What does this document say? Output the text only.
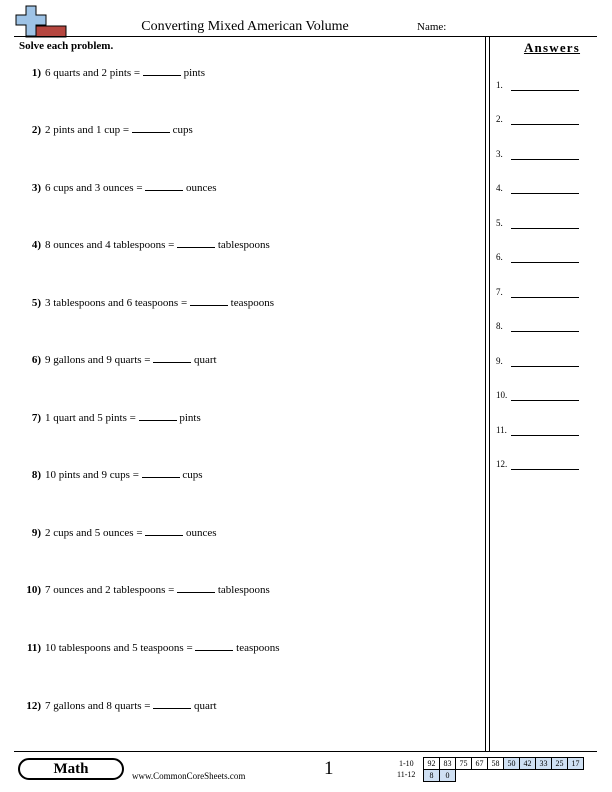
Converting Mixed American Volume	Name:
Solve each problem.
1) 6 quarts and 2 pints =	pints
2) 2 pints and 1 cup =	cups
3) 6 cups and 3 ounces =	ounces
4) 8 ounces and 4 tablespoons =	tablespoons
5) 3 tablespoons and 6 teaspoons =	teaspoons
6) 9 gallons and 9 quarts =	quart
7) 1 quart and 5 pints =	pints
8) 10 pints and 9 cups =	cups
9) 2 cups and 5 ounces =	ounces
10) 7 ounces and 2 tablespoons =	tablespoons
11) 10 tablespoons and 5 teaspoons =	teaspoons
12) 7 gallons and 8 quarts =	quart
Answers
1.
2.
3.
4.
5.
6.
7.
8.
9.
10.
11.
12.
Math	www.CommonCoreSheets.com	1	1-10
11-12
92	83	75	67	58	50	42	33	25	17
8	0
